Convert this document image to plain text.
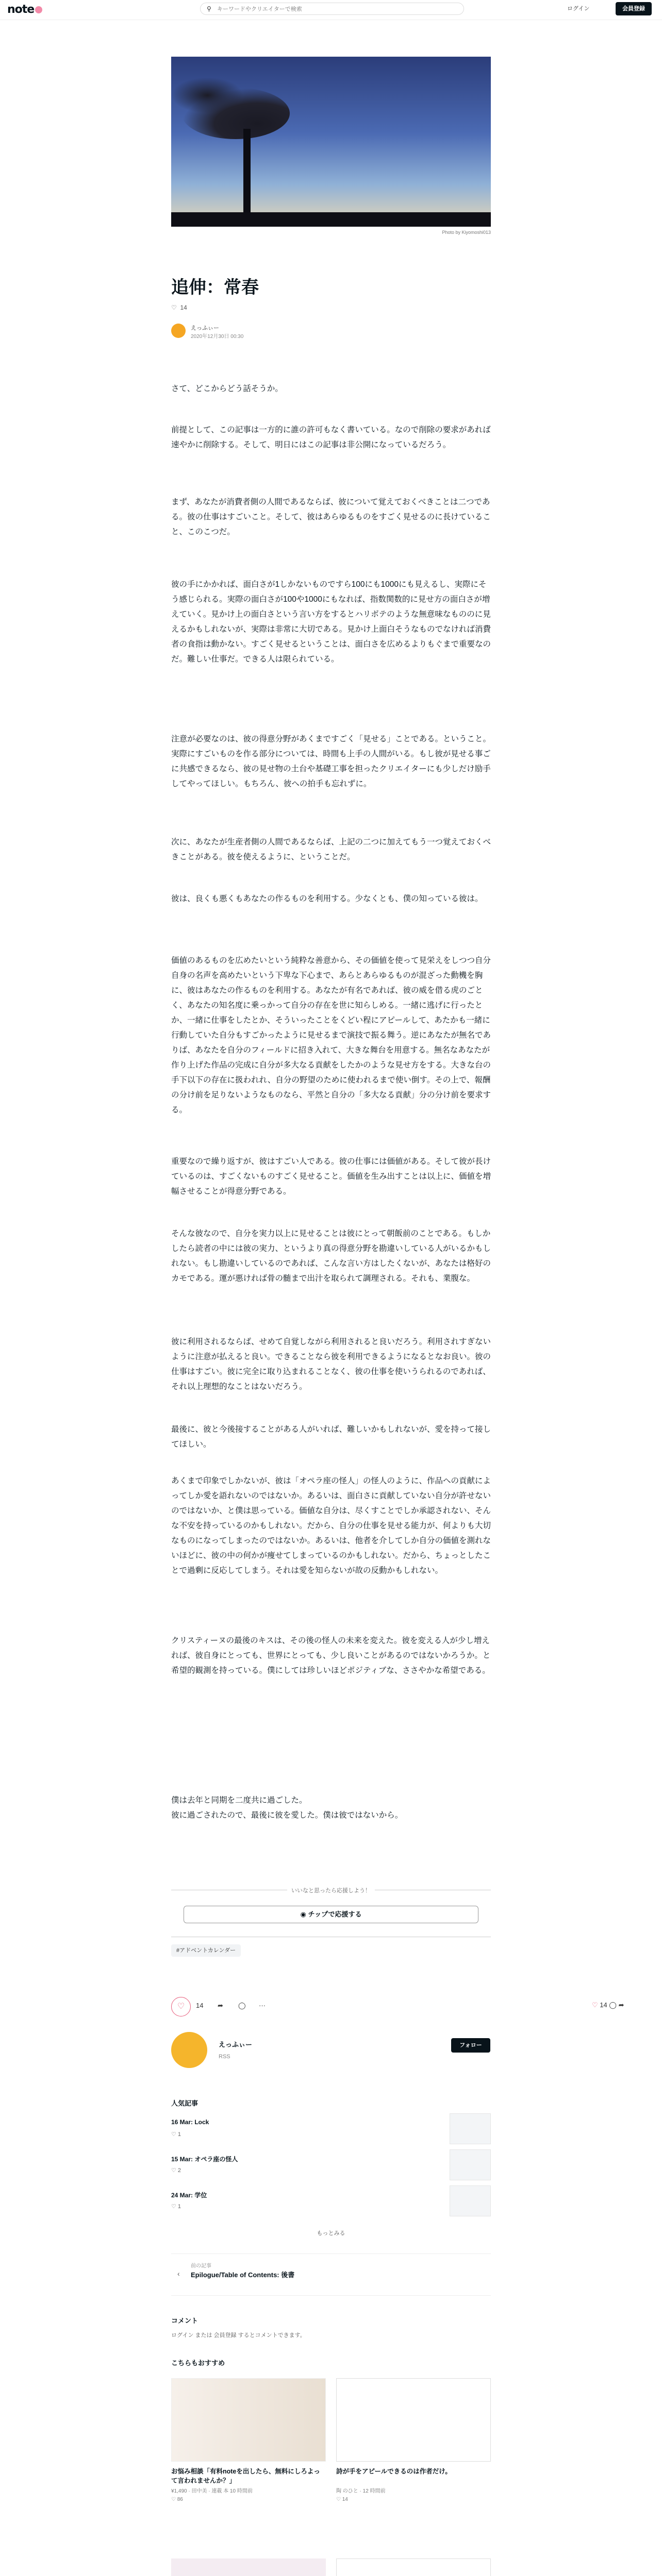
note	⚲
キーワードやクリエイターで検索	ログイン	会員登録
Photo by Kiyomoshi013
追伸：常春
♡ 14
えっふぃー
2020年12月30日 00:30
さて、どこからどう話そうか。
前提として、この記事は一方的に誰の許可もなく書いている。なので削除の要求があれば速やかに削除する。そして、明日にはこの記事は非公開になっているだろう。
まず、あなたが消費者側の人間であるならば、彼について覚えておくべきことは二つである。彼の仕事はすごいこと。そして、彼はあらゆるものをすごく見せるのに長けていること、このこつだ。
彼の手にかかれば、面白さが1しかないものですら100にも1000にも見えるし、実際にそう感じられる。実際の面白さが100や1000にもなれば、指数関数的に見せ方の面白さが増えていく。見かけ上の面白さという言い方をするとハリボテのような無意味なもののに見えるかもしれないが、実際は非常に大切である。見かけ上面白そうなものでなければ消費者の食指は動かない。すごく見せるということは、面白さを広めるよりもぐまで重要なのだ。難しい仕事だ。できる人は限られている。
注意が必要なのは、彼の得意分野があくまですごく「見せる」ことである。ということ。実際にすごいものを作る部分については、時間も上手の人間がいる。もし彼が見せる事ごに共感できるなら、彼の見せ物の土台や基礎工事を担ったクリエイターにも少しだけ励手してやってほしい。もちろん、彼への拍手も忘れずに。
次に、あなたが生産者側の人間であるならば、上記の二つに加えてもう一つ覚えておくべきことがある。彼を使えるように、ということだ。
彼は、良くも悪くもあなたの作るものを利用する。少なくとも、僕の知っている彼は。
価値のあるものを広めたいという純粋な善意から、その価値を使って見栄えをしつつ自分自身の名声を高めたいという下卑な下心まで、あらとあらゆるものが混ざった動機を胸に、彼はあなたの作るものを利用する。あなたが有名であれば、彼の威を借る虎のごとく、あなたの知名度に乗っかって自分の存在を世に知らしめる。一緒に逃げに行ったとか、一緒に仕事をしたとか、そういったことをくどい程にアピールして、あたかも一緒に行動していた自分もすごかったように見せるまで演技で振る舞う。逆にあなたが無名でありば、あなたを自分のフィールドに招き入れて、大きな舞台を用意する。無名なあなたが作り上げた作品の完成に自分が多大なる貢献をしたかのような見せ方をする。大きな台の手下以下の存在に扱われれ、自分の野望のために使われるまで使い倒す。その上で、報酬の分け前を足りないようなものなら、平然と自分の「多大なる貢献」分の分け前を要求する。
重要なので繰り返すが、彼はすごい人である。彼の仕事には価値がある。そして彼が長けているのは、すごくないものすごく見せること。価値を生み出すことは以上に、価値を増幅させることが得意分野である。
そんな彼なので、自分を実力以上に見せることは彼にとって朝飯前のことである。もしかしたら読者の中には彼の実力、というより真の得意分野を勘違いしている人がいるかもしれない。もし勘違いしているのであれば、こんな言い方はしたくないが、あなたは格好のカモである。運が悪ければ骨の髄まで出汁を取られて調理される。それも、業腹な。
彼に利用されるならば、せめて自覚しながら利用されると良いだろう。利用されすぎないように注意が払えると良い。できることなら彼を利用できるようになるとなお良い。彼の仕事はすごい。彼に完全に取り込まれることなく、彼の仕事を使いうられるのであれば、それ以上理想的なことはないだろう。
最後に、彼と今後接することがある人がいれば、難しいかもしれないが、愛を持って接してほしい。
あくまで印象でしかないが、彼は「オペラ座の怪人」の怪人のように、作品への貢献によってしか愛を語れないのではないか。あるいは、面白さに貢献していない自分が許せないのではないか、と僕は思っている。価値な自分は、尽くすことでしか承認されない、そんな不安を持っているのかもしれない。だから、自分の仕事を見せる能力が、何よりも大切なものになってしまったのではないか。あるいは、他者を介してしか自分の価値を測れないほどに、彼の中の何かが痩せてしまっているのかもしれない。だから、ちょっとしたことで過剰に反応してしまう。それは愛を知らないが故の反動かもしれない。
クリスティーヌの最後のキスは、その後の怪人の未来を変えた。彼を変える人が少し増えれば、彼自身にとっても、世界にとっても、少し良いことがあるのではないかろうか。と希望的観測を持っている。僕にしては珍しいほどポジティブな、ささやかな希望である。
僕は去年と同期を二度共に過ごした。
彼に過ごされたので、最後に彼を愛した。僕は彼ではないから。
いいなと思ったら応援しよう！
◉ チップで応援する
#アドベントカレンダー
♡	14 ➦ ◯ ···	♡ 14 ◯ ➦
えっふぃー
RSS
フォロー
人気記事
16 Mar: Lock
♡ 1
15 Mar: オペラ座の怪人
♡ 2
24 Mar: 学位
♡ 1
もっとみる
‹
前の記事
Epilogue/Table of Contents: 後書
コメント
ログイン または 会員登録 するとコメントできます。
こちらもおすすめ
お悩み相談「有料noteを出したら、無料にしろよって言われませんか？」
¥1,490 · 田中美 · 連載 本 10 時間前
♡ 86
詩が手をアピールできるのは作者だけ。
陶 のひと · 12 時間前
♡ 14
